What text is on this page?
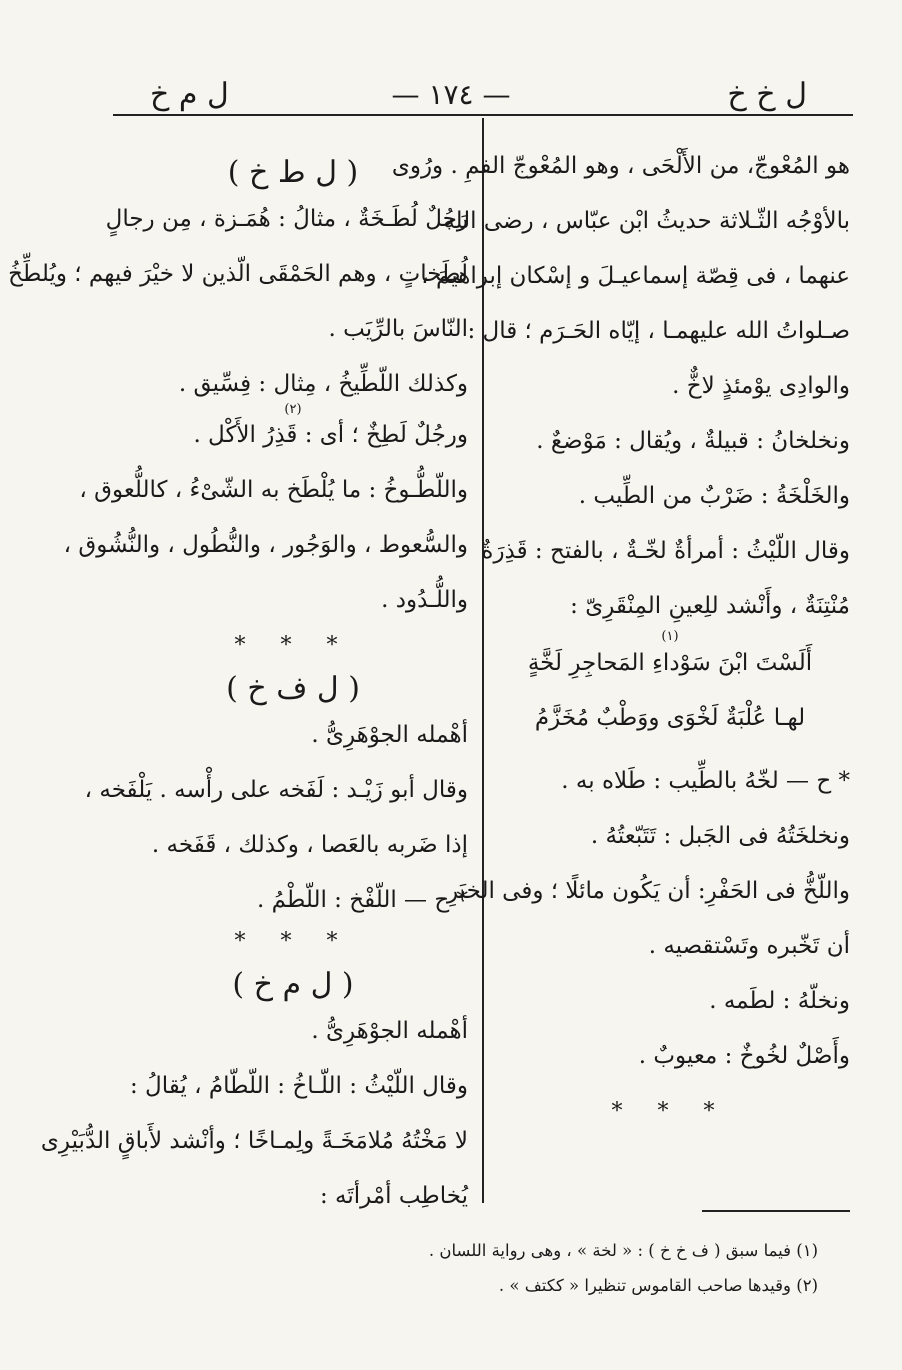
ل خ خ
— ١٧٤ —
ل م خ
هو المُعْوجّ، من الأَلْحَى ، وهو المُعْوجّ الفمِ . ورُوى
بالأوْجُه الثّـلاثة حديثُ ابْن عبّاس ، رضى الله
عنهما ، فى قِصّة إسماعيـلَ و إسْكان إبراهيمَ ،
صـلواتُ الله عليهمـا ، إيّاه الحَـرَم ؛ قال :
والوادِى يوْمئذٍ لاخٌّ .
ونخلخانُ : قبيلةٌ ، ويُقال : مَوْضعٌ .
والخَلْخَةُ : ضَرْبٌ من الطِّيب .
وقال اللّيْثُ : أمرأةٌ لخّـةٌ ، بالفتح : قَذِرَةٌ
مُنْتِنَةٌ ، وأَنْشد للِعينِ المِنْقَرِىّ :
(١)
أَلَسْتَ ابْنَ سَوْداءِ المَحاجِرِ لَخَّةٍ
لهـا عُلْبَةٌ لَخْوَى ووَطْبٌ مُخَزَّمُ
* ح — لخّهُ بالطِّيب : طَلاه به .
ونخلخَتُهُ فى الجَبل : تَتَبّعتُهُ .
واللّخُّ فى الحَفْرِ: أن يَكُون مائلًا ؛ وفى الخبَرِ
أن تَخّبره وتَسْتقصيه .
ونخلّهُ : لطَمه .
وأَصْلٌ لخُوخٌ : معيوبٌ .
* * *
( ل ط خ )
رَجُلٌ لُطَـخَةٌ ، مثالُ : هُمَـزة ، مِن رجالٍ
لُطَخاتٍ ، وهم الحَمْقَى الّذين لا خيْرَ فيهم ؛ ويُلطِّخُ
النّاسَ بالرِّيَب .
وكذلك اللّطِّيخُ ، مِثال : فِسِّيق .
(٢)
ورجُلٌ لَطِخٌ ؛ أى : قَذِرُ الأَكْل .
واللّطُّـوخُ : ما يُلْطَخ به الشّىْءُ ، كاللُّعوق ،
والسُّعوط ، والوَجُور ، والنُّطُول ، والنُّشُوق ،
واللُّـدُود .
* * *
( ل ف خ )
أهْمله الجوْهَرِىُّ .
وقال أبو زَيْـد : لَفَخه على رأْسه . يَلْفَخه ،
إذا ضَربه بالعَصا ، وكذلك ، قَفَخه .
* ح — اللّفْخ : اللّطْمُ .
* * *
( ل م خ )
أهْمله الجوْهَرِىُّ .
وقال اللّيْثُ : اللّـاخُ : اللّطّامُ ، يُقالُ :
لا مَخْتُهُ مُلامَخَـةً ولِمـاخًا ؛ وأنْشد لأَباقٍ الدُّبَيْرِى
يُخاطِب أمْرأتَه :
(١) فيما سبق ( ف خ خ ) : « لخة » ، وهى رواية اللسان .
(٢) وقيدها صاحب القاموس تنظيرا « ككتف » .
